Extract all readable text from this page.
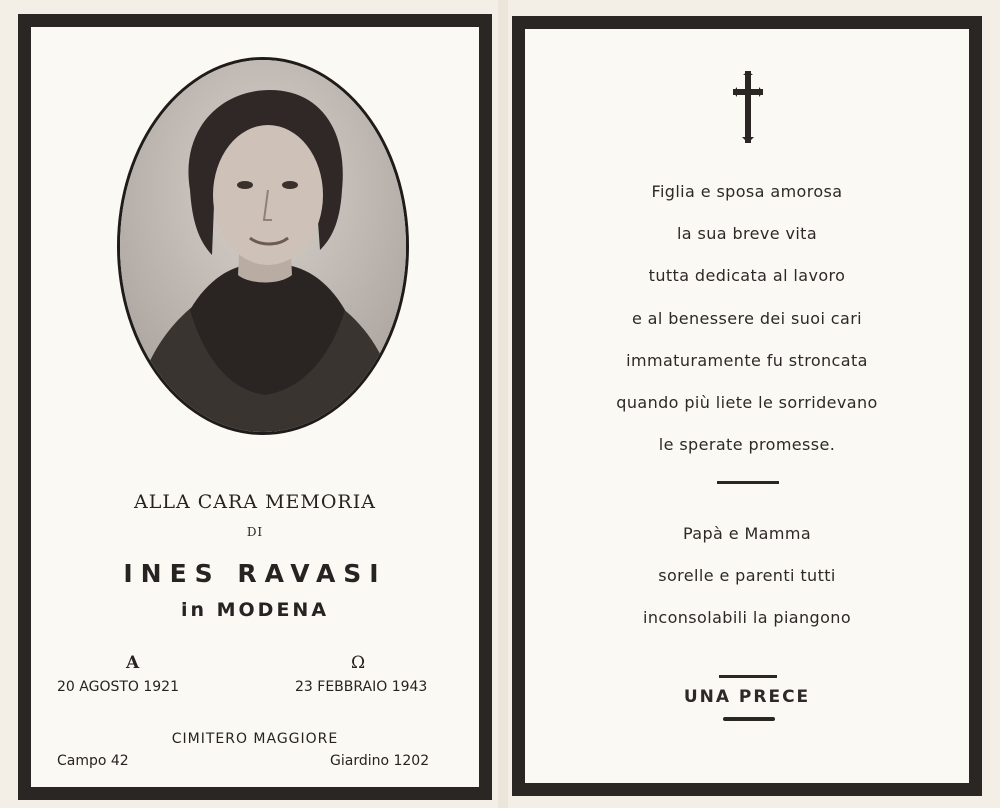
ALLA CARA MEMORIA
DI
INES RAVASI
in MODENA
A	Ω
20 AGOSTO 1921	23 FEBBRAIO 1943
CIMITERO MAGGIORE
Campo 42	Giardino 1202
Figlia e sposa amorosa
la sua breve vita
tutta dedicata al lavoro
e al benessere dei suoi cari
immaturamente fu stroncata
quando più liete le sorridevano
le sperate promesse.
Papà e Mamma
sorelle e parenti tutti
inconsolabili la piangono
UNA PRECE
